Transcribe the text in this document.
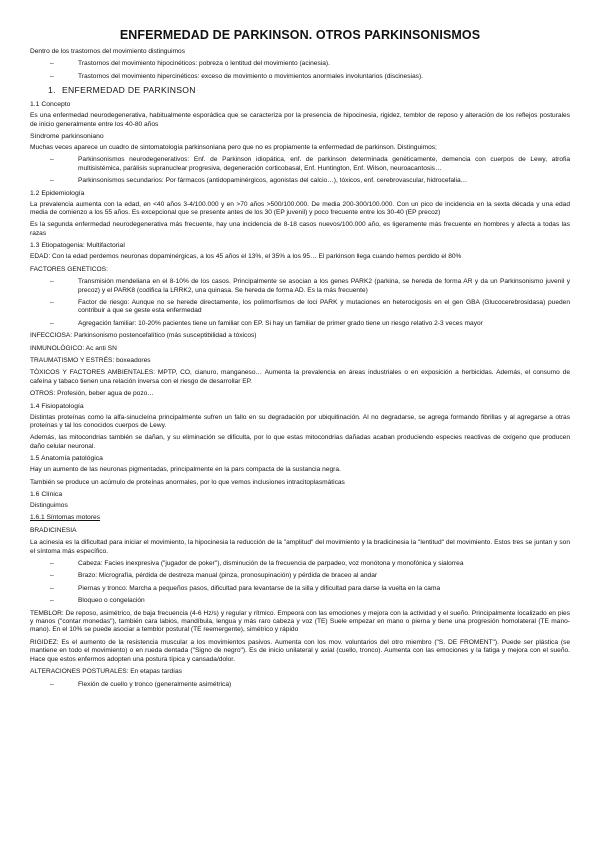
ENFERMEDAD DE PARKINSON. OTROS PARKINSONISMOS

Dentro de los trastornos del movimiento distinguimos

–	Trastornos del movimiento hipocinéticos: pobreza o lentitud del movimiento (acinesia).
–	Trastornos del movimiento hipercinéticos: exceso de movimiento o movimientos anormales involuntarios (discinesias).
1. ENFERMEDAD DE PARKINSON
1.1 Concepto

Es una enfermedad neurodegenerativa, habitualmente esporádica que se caracteriza por la presencia de hipocinesia, rigidez, temblor de reposo y alteración de los reflejos posturales de inicio generalmente entre los 40-80 años

Síndrome parkinsoniano

Muchas veces aparece un cuadro de sintomatología parkinsoniana pero que no es propiamente la enfermedad de parkinson. Distinguimos;

–	Parkinsonismos neurodegenerativos: Enf. de Parkinson idiopática, enf. de parkinson determinada genéticamente, demencia con cuerpos de Lewy, atrofia multisistémica, parálisis supranuclear progresiva, degeneración corticobasal, Enf. Huntington, Enf. Wilson, neuroacantosis…
–	Parkinsonismos secundarios: Por fármacos (antidopaminérgicos, agonistas del calcio…), tóxicos, enf. cerebrovascular, hidrocefalia…
1.2 Epidemiología

La prevalencia aumenta con la edad, en <40 años 3-4/100.000 y en >70 años >500/100.000. De media 200-300/100.000. Con un pico de incidencia en la sexta década y una edad media de comienzo a los 55 años. Es excepcional que se presente antes de los 30 (EP juvenil) y poco frecuente entre los 30-40 (EP precoz)

Es la segunda enfermedad neurodegenerativa más frecuente, hay una incidencia de 8-18 casos nuevos/100.000 año, es ligeramente más frecuente en hombres y afecta a todas las razas

1.3 Etiopatogenia: Multifactorial

EDAD: Con la edad perdemos neuronas dopaminérgicas, a los 45 años el 13%, el 35% a los 95… El parkinson llega cuando hemos perdido el 80%

FACTORES GENETICOS:

–	Transmisión mendeliana en el 8-10% de los casos. Principalmente se asocian a los genes PARK2 (parkina, se hereda de forma AR y da un Parkinsonismo juvenil y precoz) y el PARK8 (codifica la LRRK2, una quinasa. Se hereda de forma AD. Es la más frecuente)
–	Factor de riesgo: Aunque no se herede directamente, los polimorfismos de loci PARK y mutaciones en heterocigosis en el gen GBA (Glucocerebrosidasa) pueden contribuir a que se geste esta enfermedad
–	Agregación familiar: 10-20% pacientes tiene un familiar con EP. Si hay un familiar de primer grado tiene un riesgo relativo 2-3 veces mayor

INFECCIOSA: Parkinsonismo postencefalítico (más susceptibilidad a tóxicos)

INMUNOLÓGICO: Ac anti SN

TRAUMATISMO Y ESTRÉS: boxeadores

TÓXICOS Y FACTORES AMBIENTALES: MPTP, CO, cianuro, manganeso… Aumenta la prevalencia en áreas industriales o en exposición a herbicidas. Además, el consumo de cafeína y tabaco tienen una relación inversa con el riesgo de desarrollar EP.

OTROS: Profesión, beber agua de pozo…

1.4 Fisiopatología

Distintas proteínas como la alfa-sinucleína principalmente sufren un fallo en su degradación por ubiquitinación. Al no degradarse, se agrega formando fibrillas y al agregarse a otras proteínas y tal los conocidos cuerpos de Lewy.

Además, las mitocondrias también se dañan, y su eliminación se dificulta, por lo que estas mitocondrias dañadas acaban produciendo especies reactivas de oxígeno que producen daño celular neuronal.

1.5 Anatomía patológica

Hay un aumento de las neuronas pigmentadas, principalmente en la pars compacta de la sustancia negra.

También se produce un acúmulo de proteínas anormales, por lo que vemos inclusiones intracitoplasmáticas

1.6 Clínica

Distinguimos

1.6.1 Síntomas motores

BRADICINESIA

La acinesia es la dificultad para iniciar el movimiento, la hipocinesia la reducción de la "amplitud" del movimiento y la bradicinesia la "lentitud" del movimiento. Estos tres se juntan y son el síntoma más específico.

–	Cabeza: Facies inexpresiva ("jugador de poker"), disminución de la frecuencia de parpadeo, voz monótona y monofónica y sialorrea
–	Brazo: Micrografía, pérdida de destreza manual (pinza, pronosupinación) y pérdida de braceo al andar
–	Piernas y tronco: Marcha a pequeños pasos, dificultad para levantarse de la silla y dificultad para darse la vuelta en la cama
–	Bloqueo o congelación

TEMBLOR: De reposo, asimétrico, de baja frecuencia (4-6 Hz/s) y regular y rítmico. Empeora con las emociones y mejora con la actividad y el sueño. Principalmente localizado en pies y manos ("contar monedas"), también cara labios, mandíbula, lengua y más raro cabeza y voz (TE) Suele empezar en mano o pierna y tiene una progresión homolateral (TE mano-mano). En el 10% se puede asociar a temblor postural (TE reemergente), simétrico y rápido

RIGIDEZ: Es el aumento de la resistencia muscular a los movimientos pasivos. Aumenta con los mov. voluntarios del otro miembro ("S. DE FROMENT"). Puede ser plástica (se mantiene en todo el movimiento) o en rueda dentada ("Signo de negro"). Es de inicio unilateral y axial (cuello, tronco). Aumenta con las emociones y la fatiga y mejora con el sueño. Hace que estos enfermos adopten una postura típica y cansada/dolor.

ALTERACIONES POSTURALES: En etapas tardías

–	Flexión de cuello y tronco (generalmente asimétrica)
